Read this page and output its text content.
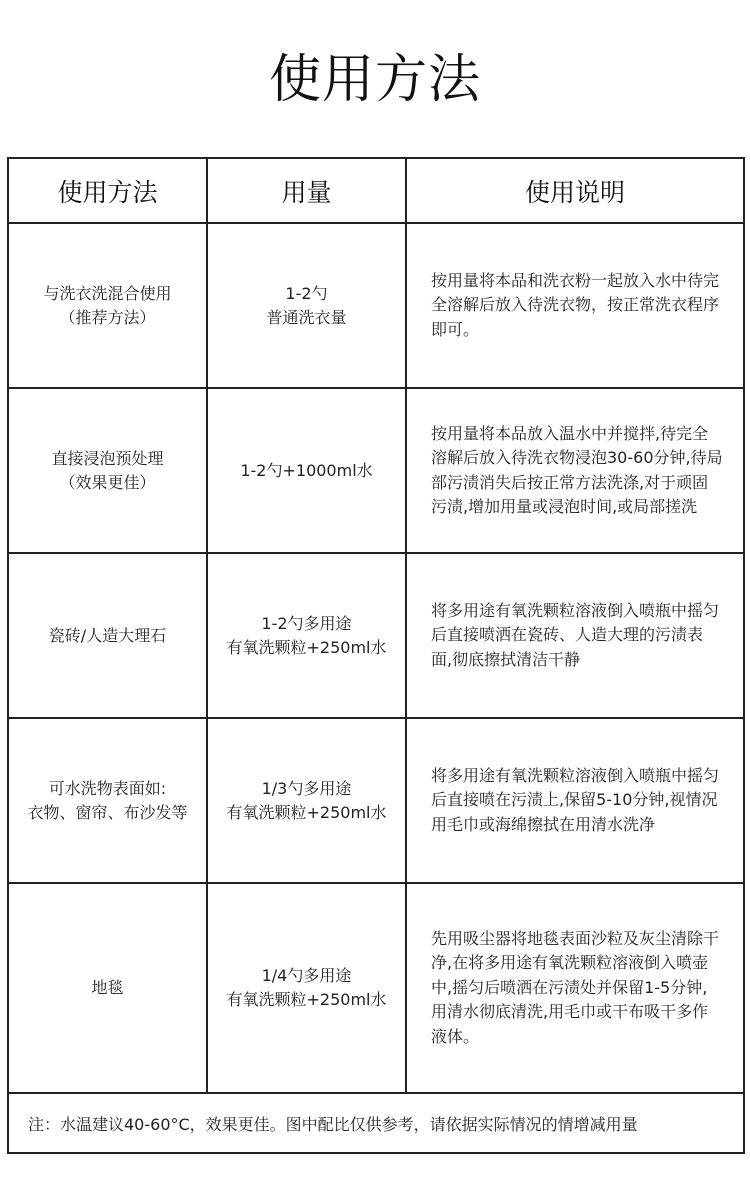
使用方法
使用方法	用量	使用说明
与洗衣洗混合使用
（推荐方法）
1-2勺
普通洗衣量
按用量将本品和洗衣粉一起放入水中待完全溶解后放入待洗衣物，按正常洗衣程序即可。
直接浸泡预处理
（效果更佳）
1-2勺+1000ml水
按用量将本品放入温水中并搅拌,待完全溶解后放入待洗衣物浸泡30-60分钟,待局部污渍消失后按正常方法洗涤,对于顽固污渍,增加用量或浸泡时间,或局部搓洗
瓷砖/人造大理石
1-2勺多用途
有氧洗颗粒+250ml水
将多用途有氧洗颗粒溶液倒入喷瓶中摇匀后直接喷洒在瓷砖、人造大理的污渍表面,彻底擦拭清洁干静
可水洗物表面如:
衣物、窗帘、布沙发等
1/3勺多用途
有氧洗颗粒+250ml水
将多用途有氧洗颗粒溶液倒入喷瓶中摇匀后直接喷在污渍上,保留5-10分钟,视情况用毛巾或海绵擦拭在用清水洗净
地毯
1/4勺多用途
有氧洗颗粒+250ml水
先用吸尘器将地毯表面沙粒及灰尘清除干净,在将多用途有氧洗颗粒溶液倒入喷壶中,摇匀后喷洒在污渍处并保留1-5分钟,用清水彻底清洗,用毛巾或干布吸干多作液体。
注：水温建议40-60°C，效果更佳。图中配比仅供参考，请依据实际情况的情增减用量
